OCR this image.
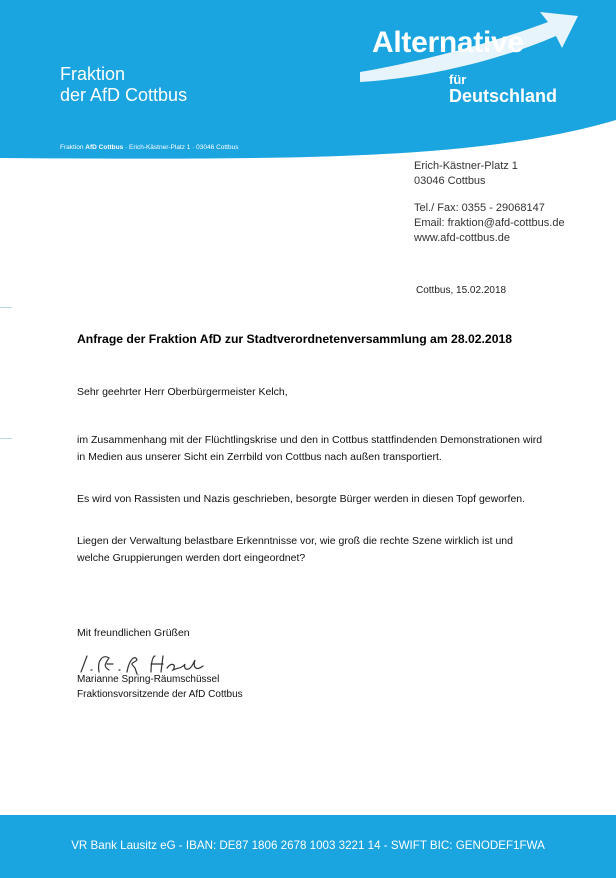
Fraktion
der AfD Cottbus
Alternative
für
Deutschland
Fraktion AfD Cottbus · Erich-Kästner-Platz 1 · 03046 Cottbus
Erich-Kästner-Platz 1
03046 Cottbus
Tel./ Fax: 0355 - 29068147
Email: fraktion@afd-cottbus.de
www.afd-cottbus.de
Cottbus, 15.02.2018
Anfrage der Fraktion AfD zur Stadtverordnetenversammlung am 28.02.2018
Sehr geehrter Herr Oberbürgermeister Kelch,
im Zusammenhang mit der Flüchtlingskrise und den in Cottbus stattfindenden Demonstrationen wird in Medien aus unserer Sicht ein Zerrbild von Cottbus nach außen transportiert.
Es wird von Rassisten und Nazis geschrieben, besorgte Bürger werden in diesen Topf geworfen.
Liegen der Verwaltung belastbare Erkenntnisse vor, wie groß die rechte Szene wirklich ist und welche Gruppierungen werden dort eingeordnet?
Mit freundlichen Grüßen
Marianne Spring-Räumschüssel
Fraktionsvorsitzende der AfD Cottbus
VR Bank Lausitz eG - IBAN: DE87 1806 2678 1003 3221 14 - SWIFT BIC: GENODEF1FWA
